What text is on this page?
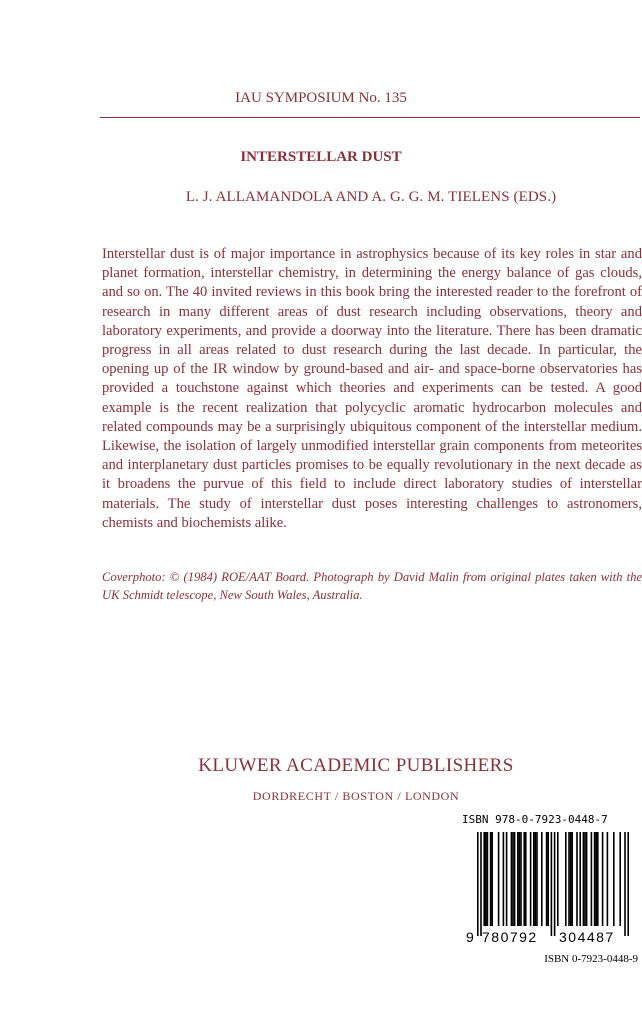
IAU SYMPOSIUM No. 135
INTERSTELLAR DUST
L. J. ALLAMANDOLA AND A. G. G. M. TIELENS (EDS.)

Interstellar dust is of major importance in astrophysics because of its key roles in star and planet formation, interstellar chemistry, in determining the energy balance of gas clouds, and so on. The 40 invited reviews in this book bring the interested reader to the forefront of research in many different areas of dust research including observations, theory and laboratory experiments, and provide a doorway into the literature. There has been dramatic progress in all areas related to dust research during the last decade. In particular, the opening up of the IR window by ground-based and air- and space-borne observatories has provided a touchstone against which theories and experiments can be tested. A good example is the recent realization that polycyclic aromatic hydrocarbon molecules and related compounds may be a surprisingly ubiquitous component of the interstellar medium. Likewise, the isolation of largely unmodified interstellar grain components from meteorites and interplanetary dust particles promises to be equally revolutionary in the next decade as it broadens the purvue of this field to include direct laboratory studies of interstellar materials. The study of interstellar dust poses interesting challenges to astronomers, chemists and biochemists alike.

Coverphoto: © (1984) ROE/AAT Board. Photograph by David Malin from original plates taken with the UK Schmidt telescope, New South Wales, Australia.

KLUWER ACADEMIC PUBLISHERS
DORDRECHT / BOSTON / LONDON
ISBN 978-0-7923-0448-7
9 780792 304487
ISBN 0-7923-0448-9
